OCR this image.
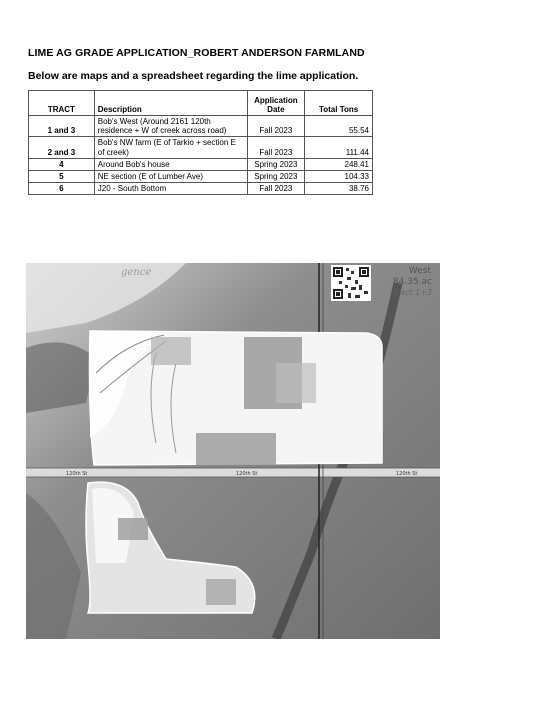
LIME AG GRADE APPLICATION_ROBERT ANDERSON FARMLAND
Below are maps and a spreadsheet regarding the lime application.
TRACT	Description	Application Date	Total Tons
1 and 3	Bob's West (Around 2161 120th residence + W of creek across road)	Fall 2023	55.54
2 and 3	Bob's NW farm (E of Tarkio + section E of creek)	Fall 2023	111.44
4	Around Bob's house	Spring 2023	248.41
5	NE section (E of Lumber Ave)	Spring 2023	104.33
6	J20 - South Bottom	Fall 2023	38.76
120th St	120th St	120th St
gence	West
84.35 ac
Tract 1+3
